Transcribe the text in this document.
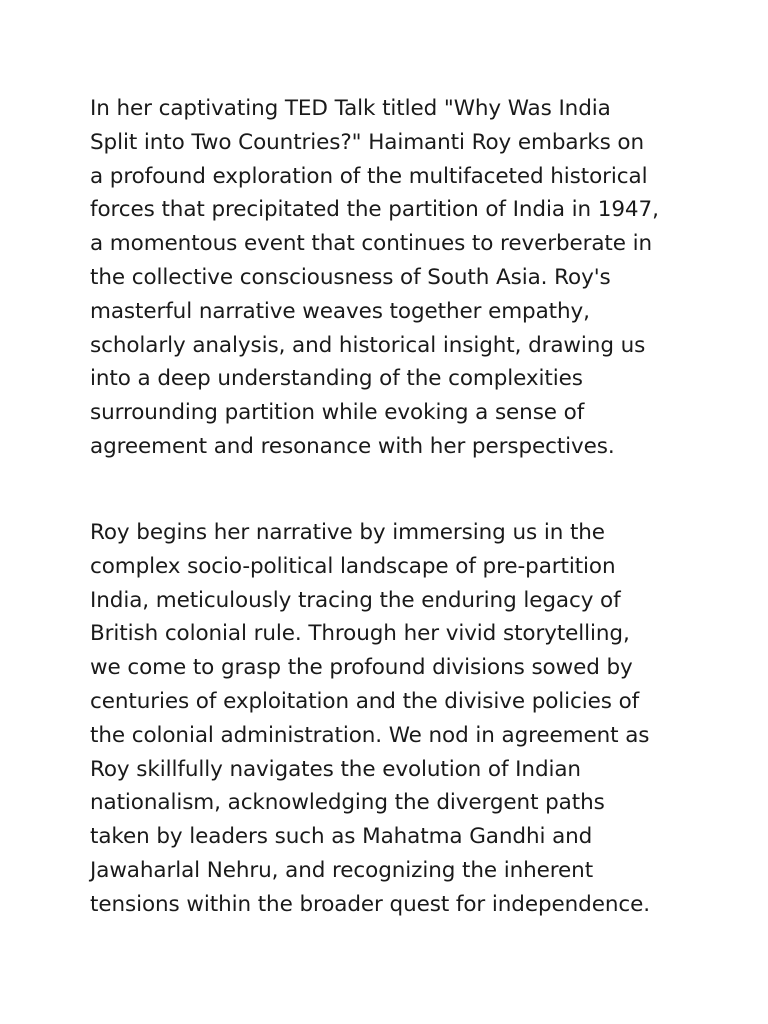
In her captivating TED Talk titled "Why Was India
Split into Two Countries?" Haimanti Roy embarks on
a profound exploration of the multifaceted historical
forces that precipitated the partition of India in 1947,
a momentous event that continues to reverberate in
the collective consciousness of South Asia. Roy's
masterful narrative weaves together empathy,
scholarly analysis, and historical insight, drawing us
into a deep understanding of the complexities
surrounding partition while evoking a sense of
agreement and resonance with her perspectives.
Roy begins her narrative by immersing us in the
complex socio-political landscape of pre-partition
India, meticulously tracing the enduring legacy of
British colonial rule. Through her vivid storytelling,
we come to grasp the profound divisions sowed by
centuries of exploitation and the divisive policies of
the colonial administration. We nod in agreement as
Roy skillfully navigates the evolution of Indian
nationalism, acknowledging the divergent paths
taken by leaders such as Mahatma Gandhi and
Jawaharlal Nehru, and recognizing the inherent
tensions within the broader quest for independence.
